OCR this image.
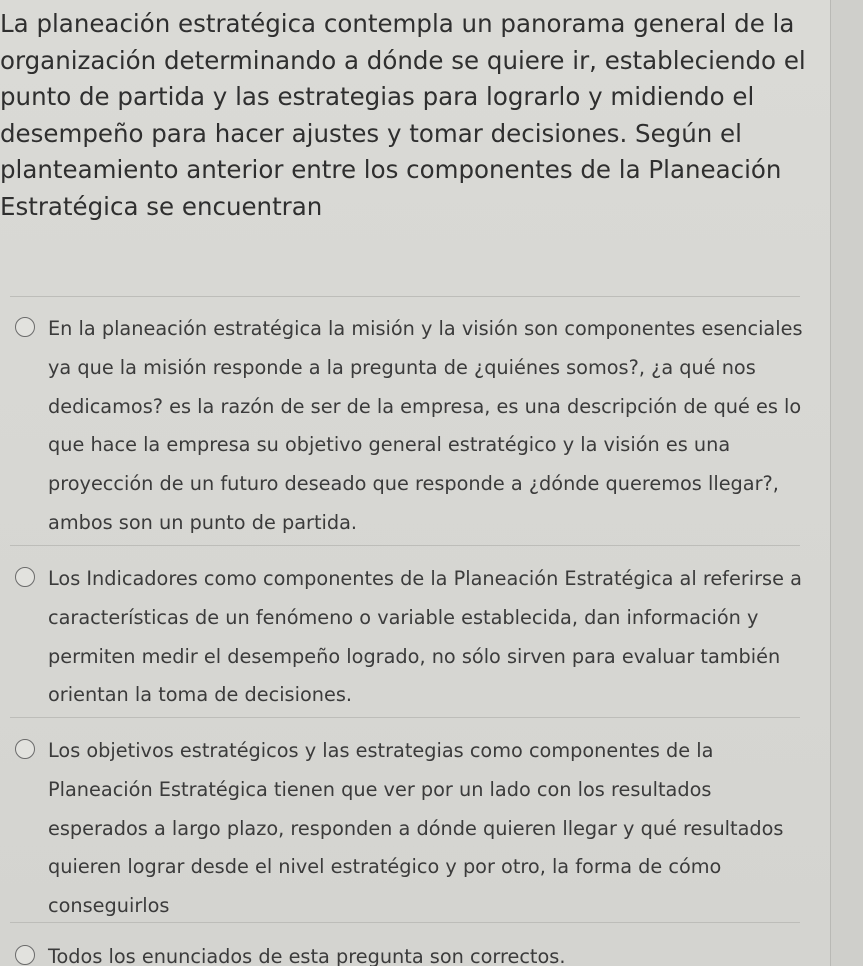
La planeación estratégica contempla un panorama general de la organización determinando a dónde se quiere ir, estableciendo el punto de partida y las estrategias para lograrlo y midiendo el desempeño para hacer ajustes y tomar decisiones. Según el planteamiento anterior entre los componentes de la Planeación Estratégica se encuentran
En la planeación estratégica la misión y la visión son componentes esenciales ya que la misión responde a la pregunta de ¿quiénes somos?, ¿a qué nos dedicamos? es la razón de ser de la empresa, es una descripción de qué es lo que hace la empresa su objetivo general estratégico y la visión es una proyección de un futuro deseado que responde a ¿dónde queremos llegar?, ambos son un punto de partida.
Los Indicadores como componentes de la Planeación Estratégica al referirse a características de un fenómeno o variable establecida, dan información y permiten medir el desempeño logrado, no sólo sirven para evaluar también orientan la toma de decisiones.
Los objetivos estratégicos y las estrategias como componentes de la Planeación Estratégica tienen que ver por un lado con los resultados esperados a largo plazo, responden a dónde quieren llegar y qué resultados quieren lograr desde el nivel estratégico y por otro, la forma de cómo conseguirlos
Todos los enunciados de esta pregunta son correctos.
